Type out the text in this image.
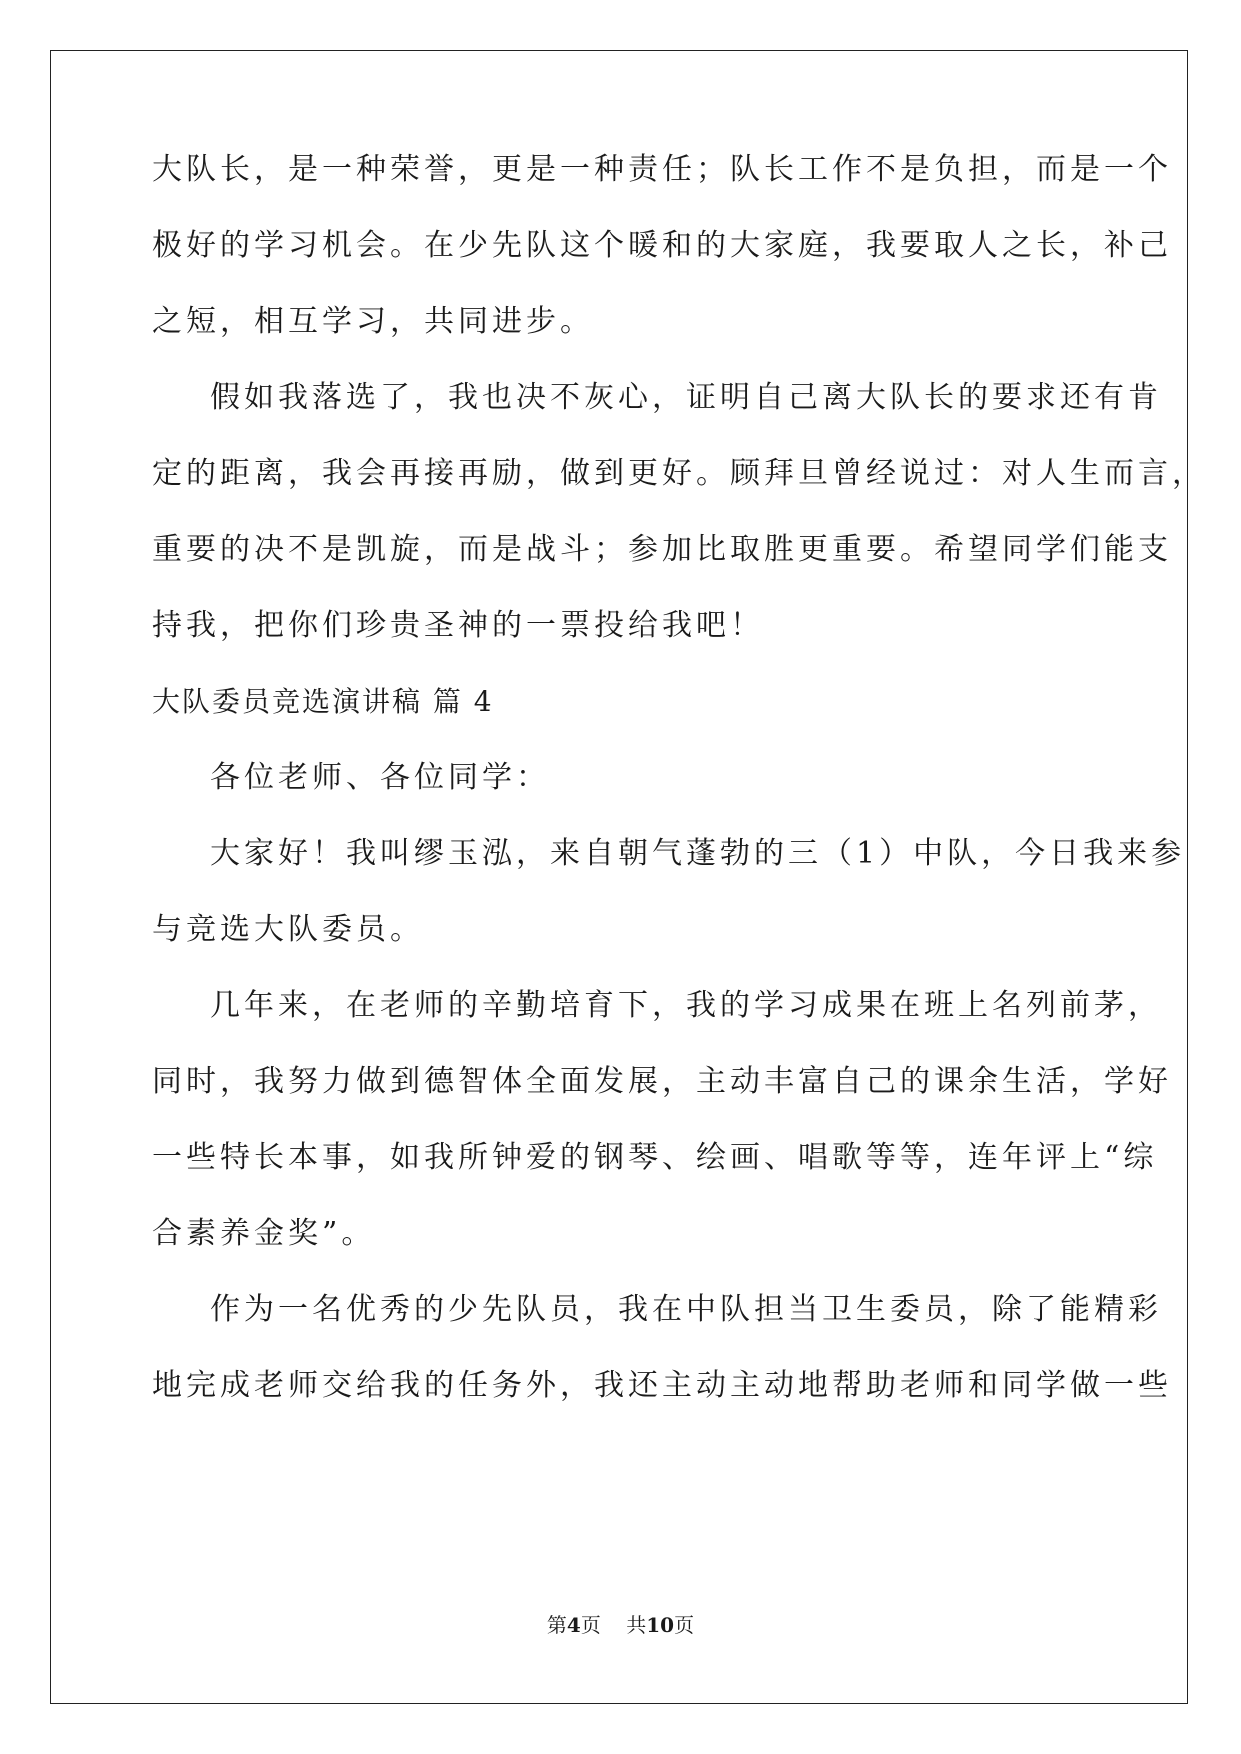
大队长，是一种荣誉，更是一种责任；队长工作不是负担，而是一个
极好的学习机会。在少先队这个暖和的大家庭，我要取人之长，补己
之短，相互学习，共同进步。
假如我落选了，我也决不灰心，证明自己离大队长的要求还有肯
定的距离，我会再接再励，做到更好。顾拜旦曾经说过：对人生而言，
重要的决不是凯旋，而是战斗；参加比取胜更重要。希望同学们能支
持我，把你们珍贵圣神的一票投给我吧！
大队委员竞选演讲稿 篇 4
各位老师、各位同学：
大家好！我叫缪玉泓，来自朝气蓬勃的三（1）中队，今日我来参
与竞选大队委员。
几年来，在老师的辛勤培育下，我的学习成果在班上名列前茅，
同时，我努力做到德智体全面发展，主动丰富自己的课余生活，学好
一些特长本事，如我所钟爱的钢琴、绘画、唱歌等等，连年评上“综
合素养金奖”。
作为一名优秀的少先队员，我在中队担当卫生委员，除了能精彩
地完成老师交给我的任务外，我还主动主动地帮助老师和同学做一些
第4页    共10页
